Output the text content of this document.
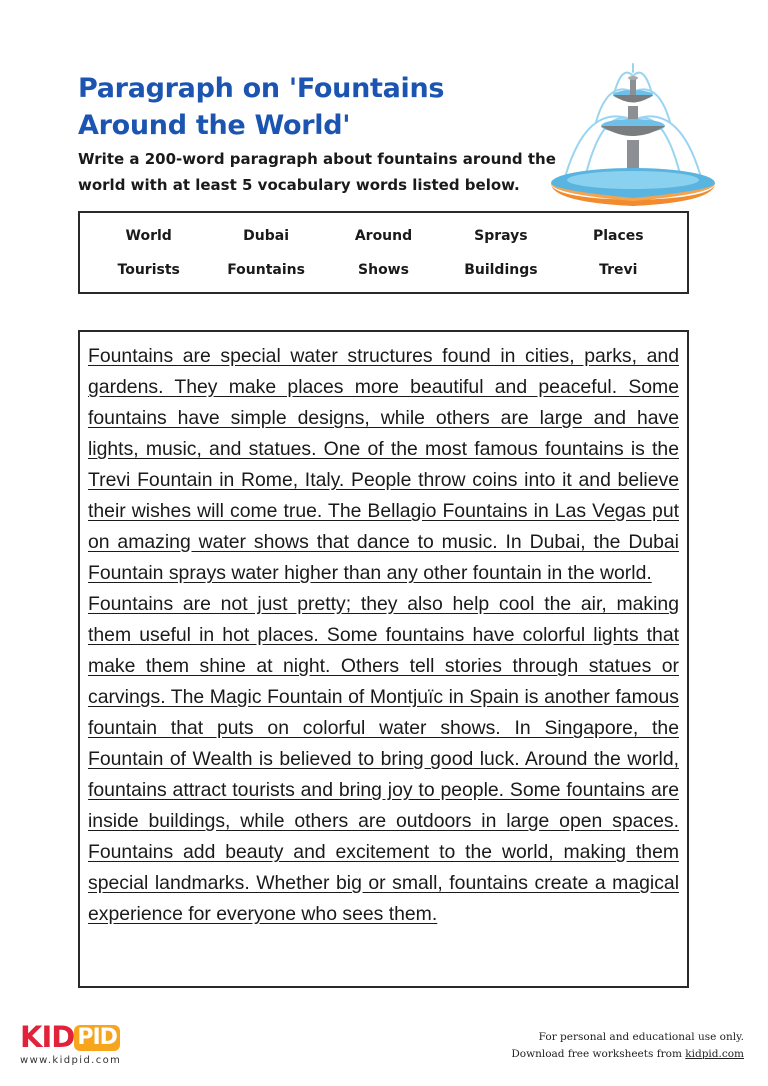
Paragraph on 'Fountains Around the World'

Write a 200-word paragraph about fountains around the world with at least 5 vocabulary words listed below.

World	Dubai	Around	Sprays	Places
Tourists	Fountains	Shows	Buildings	Trevi

Fountains are special water structures found in cities, parks, and gardens. They make places more beautiful and peaceful. Some fountains have simple designs, while others are large and have lights, music, and statues. One of the most famous fountains is the Trevi Fountain in Rome, Italy. People throw coins into it and believe their wishes will come true. The Bellagio Fountains in Las Vegas put on amazing water shows that dance to music. In Dubai, the Dubai Fountain sprays water higher than any other fountain in the world.

Fountains are not just pretty; they also help cool the air, making them useful in hot places. Some fountains have colorful lights that make them shine at night. Others tell stories through statues or carvings. The Magic Fountain of Montjuïc in Spain is another famous fountain that puts on colorful water shows. In Singapore, the Fountain of Wealth is believed to bring good luck. Around the world, fountains attract tourists and bring joy to people. Some fountains are inside buildings, while others are outdoors in large open spaces. Fountains add beauty and excitement to the world, making them special landmarks. Whether big or small, fountains create a magical experience for everyone who sees them.

KID PID
www.kidpid.com
For personal and educational use only.
Download free worksheets from kidpid.com
